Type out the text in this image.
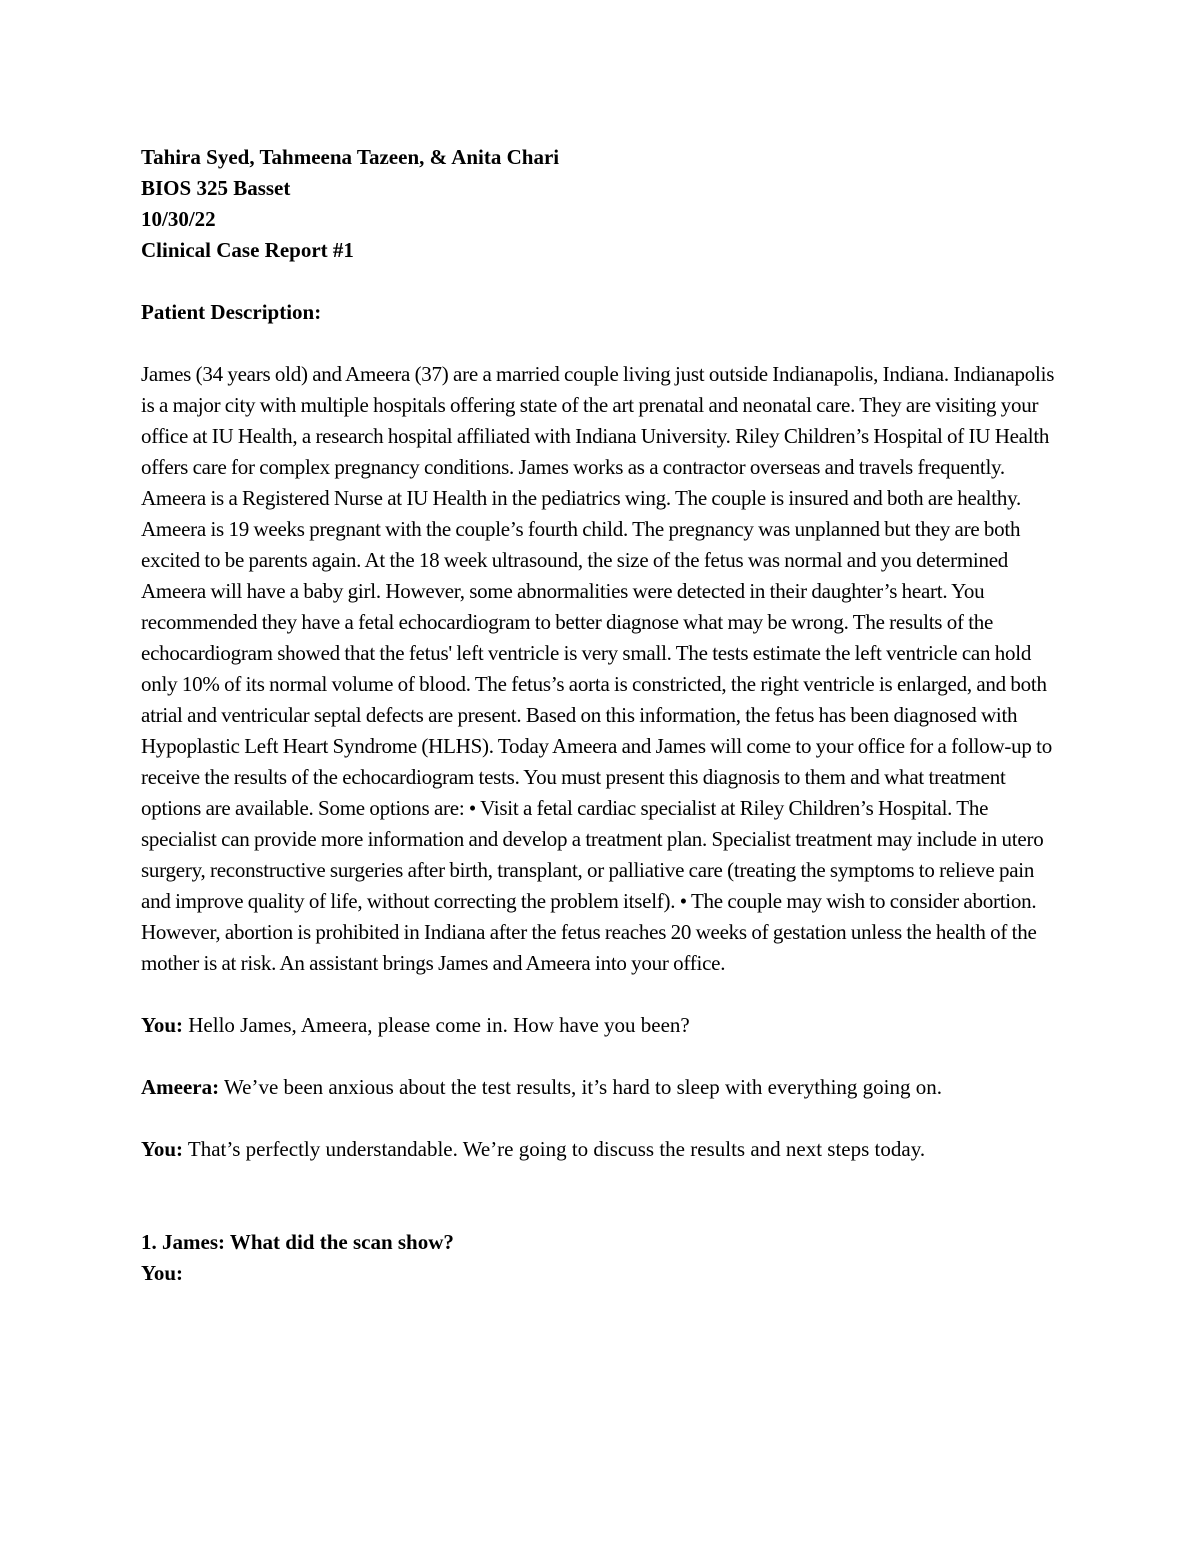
Tahira Syed, Tahmeena Tazeen, & Anita Chari
BIOS 325 Basset
10/30/22
Clinical Case Report #1
Patient Description:
James (34 years old) and Ameera (37) are a married couple living just outside Indianapolis, Indiana. Indianapolis is a major city with multiple hospitals offering state of the art prenatal and neonatal care. They are visiting your office at IU Health, a research hospital affiliated with Indiana University. Riley Children’s Hospital of IU Health offers care for complex pregnancy conditions. James works as a contractor overseas and travels frequently. Ameera is a Registered Nurse at IU Health in the pediatrics wing. The couple is insured and both are healthy. Ameera is 19 weeks pregnant with the couple’s fourth child. The pregnancy was unplanned but they are both excited to be parents again. At the 18 week ultrasound, the size of the fetus was normal and you determined Ameera will have a baby girl. However, some abnormalities were detected in their daughter’s heart. You recommended they have a fetal echocardiogram to better diagnose what may be wrong. The results of the echocardiogram showed that the fetus' left ventricle is very small. The tests estimate the left ventricle can hold only 10% of its normal volume of blood. The fetus’s aorta is constricted, the right ventricle is enlarged, and both atrial and ventricular septal defects are present. Based on this information, the fetus has been diagnosed with Hypoplastic Left Heart Syndrome (HLHS). Today Ameera and James will come to your office for a follow-up to receive the results of the echocardiogram tests. You must present this diagnosis to them and what treatment options are available. Some options are: • Visit a fetal cardiac specialist at Riley Children’s Hospital. The specialist can provide more information and develop a treatment plan. Specialist treatment may include in utero surgery, reconstructive surgeries after birth, transplant, or palliative care (treating the symptoms to relieve pain and improve quality of life, without correcting the problem itself). • The couple may wish to consider abortion. However, abortion is prohibited in Indiana after the fetus reaches 20 weeks of gestation unless the health of the mother is at risk. An assistant brings James and Ameera into your office.
You: Hello James, Ameera, please come in. How have you been?
Ameera: We’ve been anxious about the test results, it’s hard to sleep with everything going on.
You: That’s perfectly understandable. We’re going to discuss the results and next steps today.
1. James: What did the scan show?
You:
